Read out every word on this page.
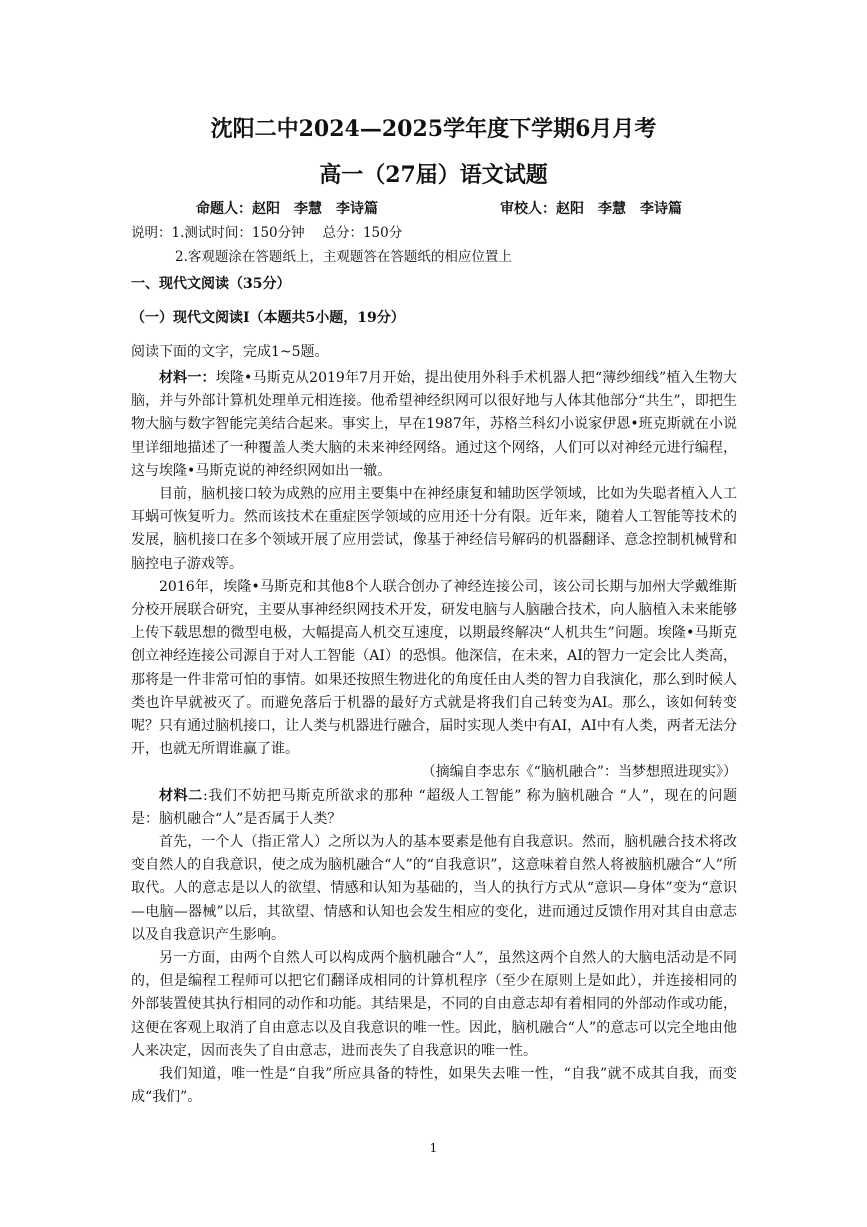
沈阳二中2024—2025学年度下学期6月月考
高一（27届）语文试题
命题人：赵阳　李慧　李诗篇	审校人：赵阳　李慧　李诗篇
说明：1.测试时间：150分钟　 总分：150分
2.客观题涂在答题纸上，主观题答在答题纸的相应位置上
一、现代文阅读（35分）
（一）现代文阅读Ⅰ（本题共5小题，19分）
阅读下面的文字，完成1~5题。

材料一：埃隆•马斯克从2019年7月开始，提出使用外科手术机器人把“薄纱细线”植入生物大脑，并与外部计算机处理单元相连接。他希望神经织网可以很好地与人体其他部分“共生”，即把生物大脑与数字智能完美结合起来。事实上，早在1987年，苏格兰科幻小说家伊恩•班克斯就在小说里详细地描述了一种覆盖人类大脑的未来神经网络。通过这个网络，人们可以对神经元进行编程，这与埃隆•马斯克说的神经织网如出一辙。

目前，脑机接口较为成熟的应用主要集中在神经康复和辅助医学领域，比如为失聪者植入人工耳蜗可恢复听力。然而该技术在重症医学领域的应用还十分有限。近年来，随着人工智能等技术的发展，脑机接口在多个领域开展了应用尝试，像基于神经信号解码的机器翻译、意念控制机械臂和脑控电子游戏等。

2016年，埃隆•马斯克和其他8个人联合创办了神经连接公司，该公司长期与加州大学戴维斯分校开展联合研究，主要从事神经织网技术开发，研发电脑与人脑融合技术，向人脑植入未来能够上传下载思想的微型电极，大幅提高人机交互速度，以期最终解决“人机共生”问题。埃隆•马斯克创立神经连接公司源自于对人工智能（AI）的恐惧。他深信，在未来，AI的智力一定会比人类高，那将是一件非常可怕的事情。如果还按照生物进化的角度任由人类的智力自我演化，那么到时候人类也许早就被灭了。而避免落后于机器的最好方式就是将我们自己转变为AI。那么，该如何转变呢？只有通过脑机接口，让人类与机器进行融合，届时实现人类中有AI，AI中有人类，两者无法分开，也就无所谓谁赢了谁。

（摘编自李忠东《“脑机融合”：当梦想照进现实》）

材料二:我们不妨把马斯克所欲求的那种 “超级人工智能” 称为脑机融合 “人”，现在的问题是：脑机融合“人”是否属于人类？

首先，一个人（指正常人）之所以为人的基本要素是他有自我意识。然而，脑机融合技术将改变自然人的自我意识，使之成为脑机融合“人”的“自我意识”，这意味着自然人将被脑机融合“人”所取代。人的意志是以人的欲望、情感和认知为基础的，当人的执行方式从“意识—身体”变为“意识—电脑—器械”以后，其欲望、情感和认知也会发生相应的变化，进而通过反馈作用对其自由意志以及自我意识产生影响。

另一方面，由两个自然人可以构成两个脑机融合“人”，虽然这两个自然人的大脑电活动是不同的，但是编程工程师可以把它们翻译成相同的计算机程序（至少在原则上是如此），并连接相同的外部装置使其执行相同的动作和功能。其结果是，不同的自由意志却有着相同的外部动作或功能，这便在客观上取消了自由意志以及自我意识的唯一性。因此，脑机融合“人”的意志可以完全地由他人来决定，因而丧失了自由意志，进而丧失了自我意识的唯一性。

我们知道，唯一性是“自我”所应具备的特性，如果失去唯一性，“自我”就不成其自我，而变成“我们”。

1
